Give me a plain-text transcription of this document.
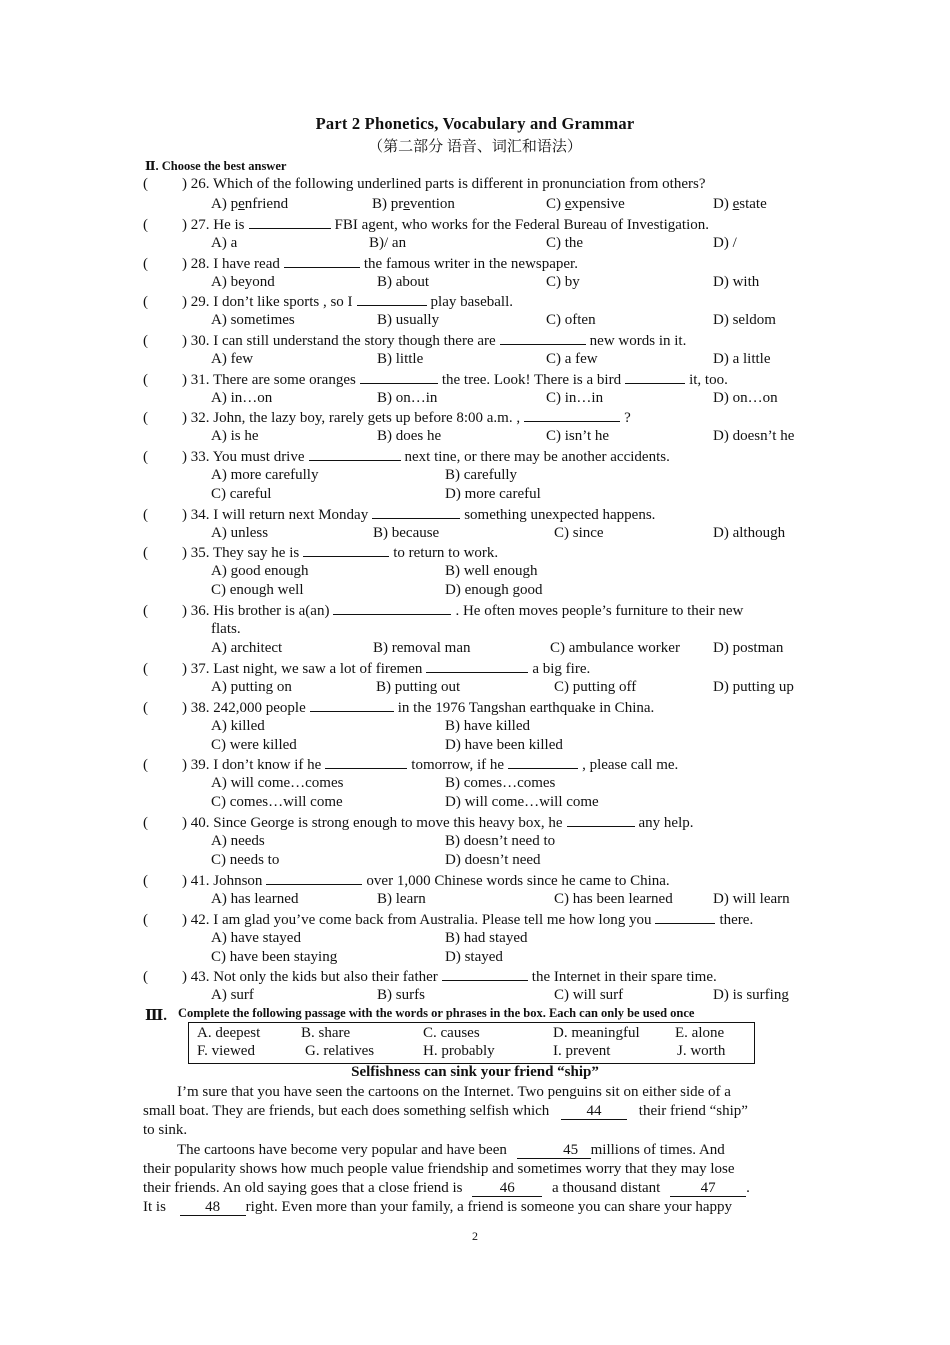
Part 2 Phonetics, Vocabulary and Grammar
（第二部分 语音、词汇和语法）
Ⅱ. Choose the best answer
( ) 26. Which of the following underlined parts is different in pronunciation from others?
A) penfriend	B) prevention	C) expensive	D) estate
( ) 27. He is	FBI agent, who works for the Federal Bureau of Investigation.
A) a	B)/ an	C) the	D) /
( ) 28. I have read	the famous writer in the newspaper.
A) beyond	B) about	C) by	D) with
( ) 29. I don’t like sports , so I	play baseball.
A) sometimes	B) usually	C) often	D) seldom
( ) 30. I can still understand the story though there are	new words in it.
A) few	B) little	C) a few	D) a little
( ) 31. There are some oranges	the tree. Look! There is a bird	it, too.
A) in…on	B) on…in	C) in…in	D) on…on
( ) 32. John, the lazy boy, rarely gets up before 8:00 a.m. ,	?
A) is he	B) does he	C) isn’t he	D) doesn’t he
( ) 33. You must drive	next tine, or there may be another accidents.
A) more carefully	B) carefully
C) careful	D) more careful
( ) 34. I will return next Monday	something unexpected happens.
A) unless	B) because	C) since	D) although
( ) 35. They say he is	to return to work.
A) good enough	B) well enough
C) enough well	D) enough good
( ) 36. His brother is a(an)	. He often moves people’s furniture to their new
flats.
A) architect	B) removal man	C) ambulance worker D) postman
( ) 37. Last night, we saw a lot of firemen	a big fire.
A) putting on	B) putting out	C) putting off	D) putting up
( ) 38. 242,000 people	in the 1976 Tangshan earthquake in China.
A) killed	B) have killed
C) were killed	D) have been killed
( ) 39. I don’t know if he	tomorrow, if he	, please call me.
A) will come…comes	B) comes…comes
C) comes…will come	D) will come…will come
( ) 40. Since George is strong enough to move this heavy box, he	any help.
A) needs	B) doesn’t need to
C) needs to	D) doesn’t need
( ) 41. Johnson	over 1,000 Chinese words since he came to China.
A) has learned	B) learn	C) has been learned	D) will learn
( ) 42. I am glad you’ve come back from Australia. Please tell me how long you	there.
A) have stayed	B) had stayed
C) have been staying	D) stayed
( ) 43. Not only the kids but also their father	the Internet in their spare time.
A) surf	B) surfs	C) will surf	D) is surfing
Ⅲ. Complete the following passage with the words or phrases in the box. Each can only be used once
A. deepest	B. share	C. causes	D. meaningful E. alone
F. viewed	G. relatives	H. probably	I. prevent	J. worth
Selfishness can sink your friend “ship”
I’m sure that you have seen the cartoons on the Internet. Two penguins sit on either side of a
small boat. They are friends, but each does something selfish which 44 their friend “ship”
to sink.
The cartoons have become very popular and have been	45 millions of times. And
their popularity shows how much people value friendship and sometimes worry that they may lose
their friends. An old saying goes that a close friend is 46 a thousand distant	47 .
It is	48 right. Even more than your family, a friend is someone you can share your happy
2
